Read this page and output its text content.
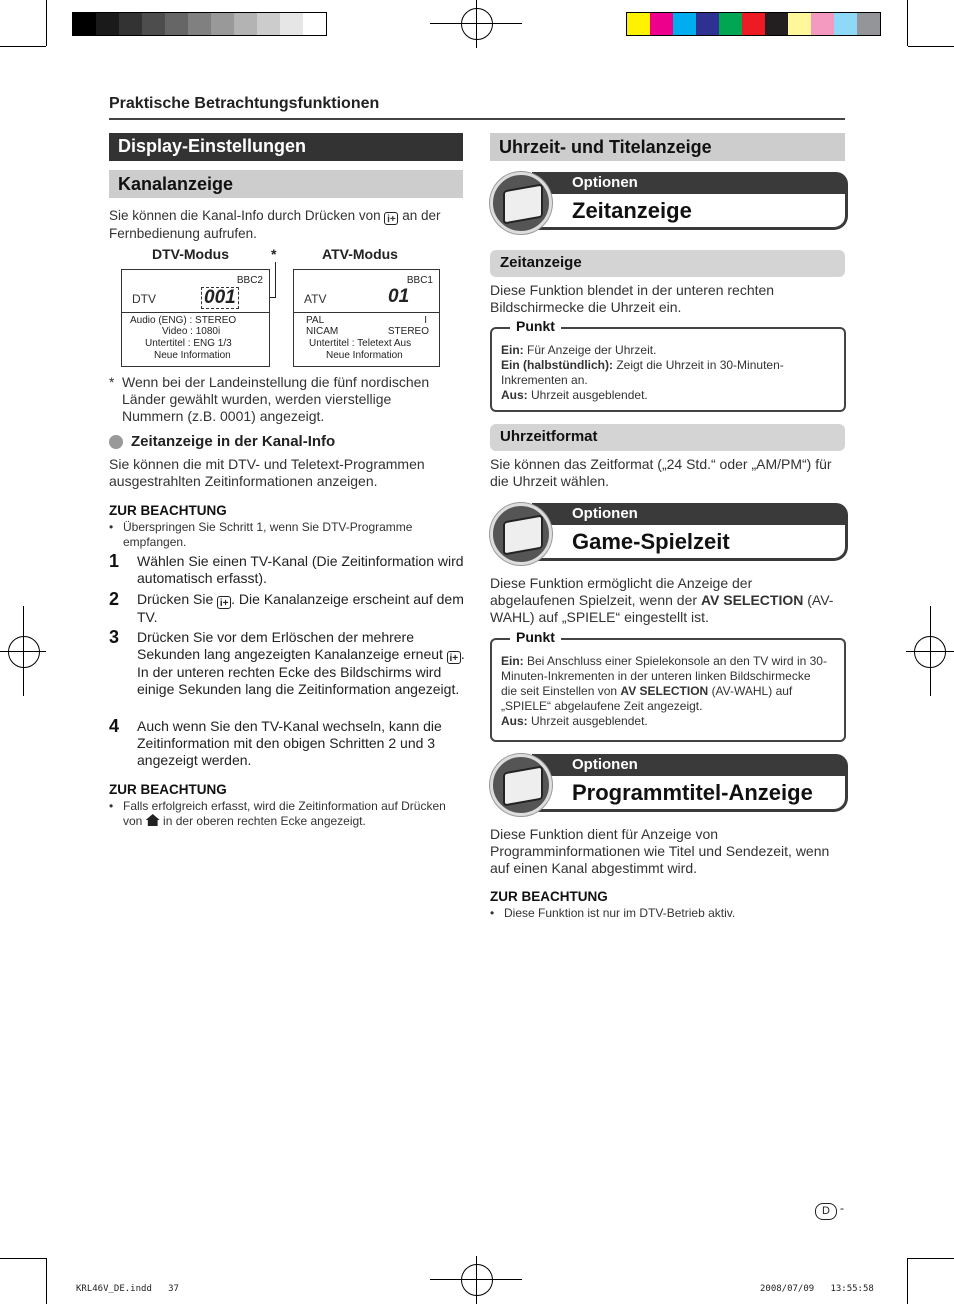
Praktische Betrachtungsfunktionen
Display-Einstellungen
Kanalanzeige
Sie können die Kanal-Info durch Drücken von i+ an der Fernbedienung aufrufen.
DTV-Modus	*	ATV-Modus
BBC2
DTV	001
Audio (ENG) : STEREO
Video : 1080i
Untertitel : ENG 1/3
Neue Information
BBC1
ATV	01
PAL	I
NICAM	STEREO
Untertitel : Teletext Aus
Neue Information
* Wenn bei der Landeinstellung die fünf nordischen Länder gewählt wurden, werden vierstellige Nummern (z.B. 0001) angezeigt.
Zeitanzeige in der Kanal-Info
Sie können die mit DTV- und Teletext-Programmen ausgestrahlten Zeitinformationen anzeigen.
ZUR BEACHTUNG
• Überspringen Sie Schritt 1, wenn Sie DTV-Programme empfangen.
1 Wählen Sie einen TV-Kanal (Die Zeitinformation wird automatisch erfasst).
2 Drücken Sie i+ . Die Kanalanzeige erscheint auf dem TV.
3 Drücken Sie vor dem Erlöschen der mehrere Sekunden lang angezeigten Kanalanzeige erneut i+ . In der unteren rechten Ecke des Bildschirms wird einige Sekunden lang die Zeitinformation angezeigt.
4 Auch wenn Sie den TV-Kanal wechseln, kann die Zeitinformation mit den obigen Schritten 2 und 3 angezeigt werden.
ZUR BEACHTUNG
• Falls erfolgreich erfasst, wird die Zeitinformation auf Drücken von in der oberen rechten Ecke angezeigt.
Uhrzeit- und Titelanzeige
Optionen
Zeitanzeige
Zeitanzeige
Diese Funktion blendet in der unteren rechten Bildschirmecke die Uhrzeit ein.
Punkt
Ein: Für Anzeige der Uhrzeit.
Ein (halbstündlich): Zeigt die Uhrzeit in 30-Minuten-Inkrementen an.
Aus: Uhrzeit ausgeblendet.
Uhrzeitformat
Sie können das Zeitformat („24 Std.“ oder „AM/PM“) für die Uhrzeit wählen.
Optionen
Game-Spielzeit
Diese Funktion ermöglicht die Anzeige der abgelaufenen Spielzeit, wenn der AV SELECTION (AV-WAHL) auf „SPIELE“ eingestellt ist.
Punkt
Ein: Bei Anschluss einer Spielekonsole an den TV wird in 30-Minuten-Inkrementen in der unteren linken Bildschirmecke die seit Einstellen von AV SELECTION (AV-WAHL) auf „SPIELE“ abgelaufene Zeit angezeigt.
Aus: Uhrzeit ausgeblendet.
Optionen
Programmtitel-Anzeige
Diese Funktion dient für Anzeige von Programminformationen wie Titel und Sendezeit, wenn auf einen Kanal abgestimmt wird.
ZUR BEACHTUNG
• Diese Funktion ist nur im DTV-Betrieb aktiv.
D -
KRL46V_DE.indd   37	2008/07/09   13:55:58
